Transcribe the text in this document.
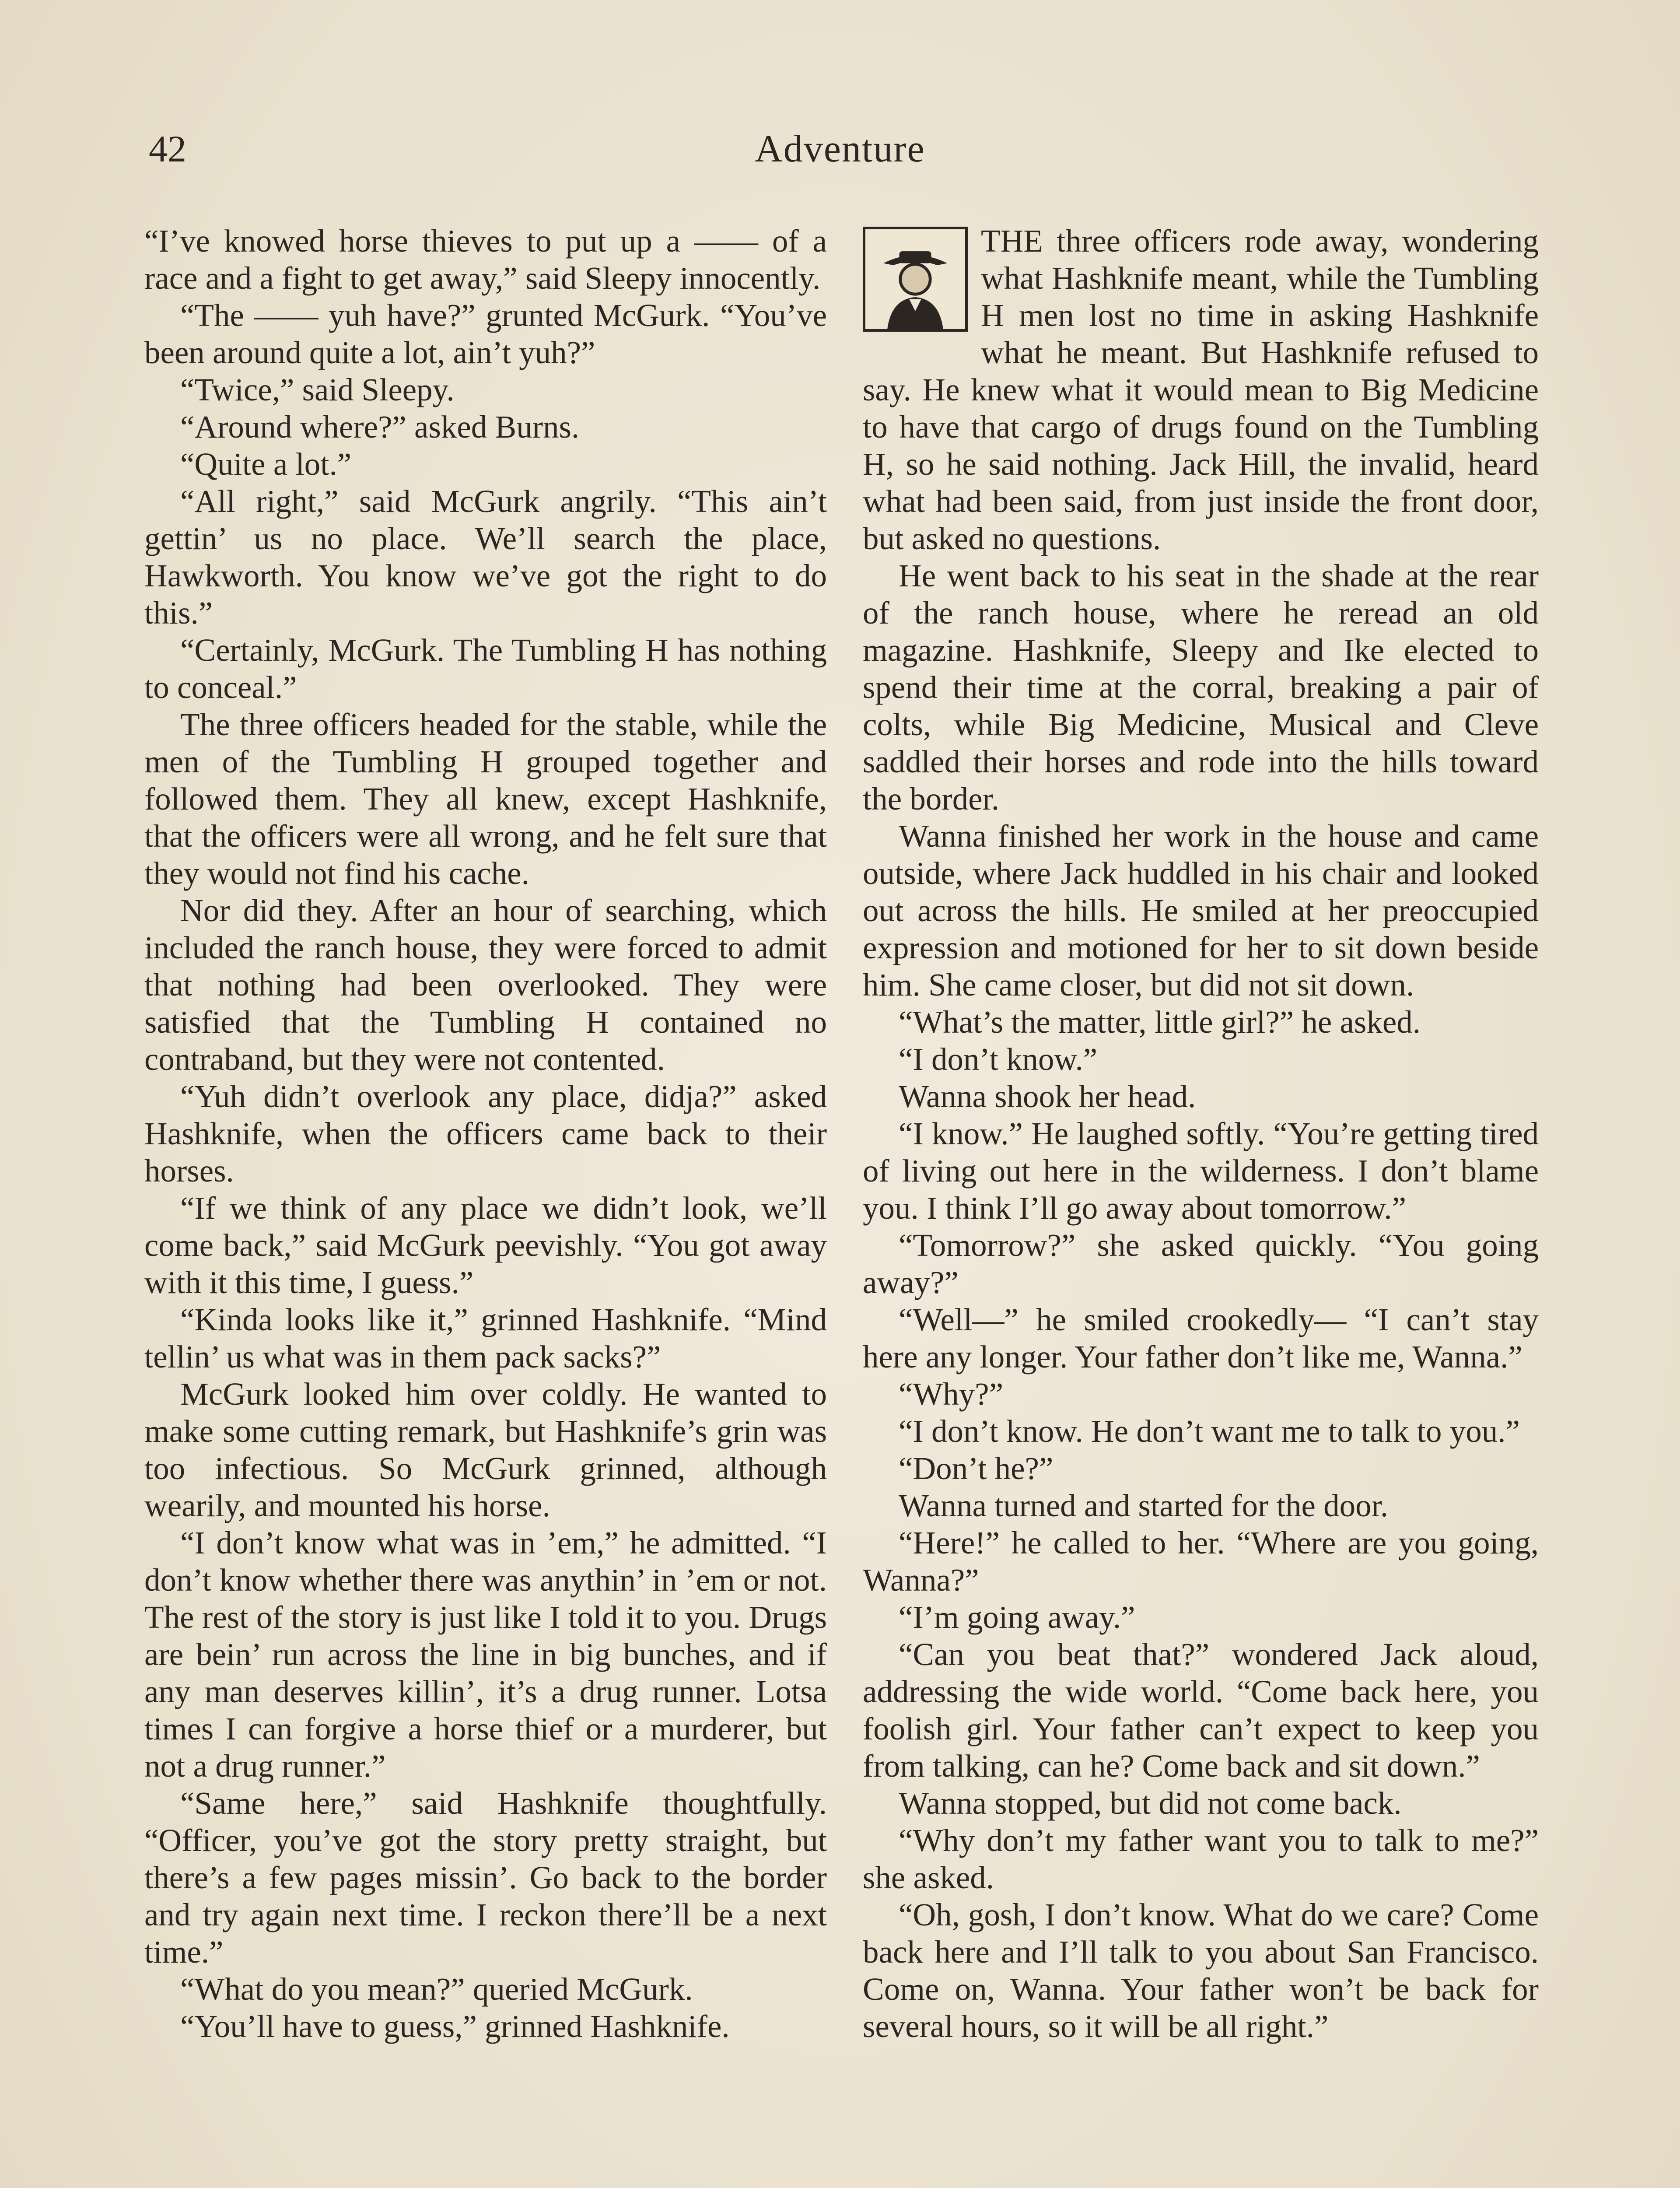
42	Adventure

“I’ve knowed horse thieves to put up a —— of a race and a fight to get away,” said Sleepy innocently.

“The —— yuh have?” grunted McGurk. “You’ve been around quite a lot, ain’t yuh?”

“Twice,” said Sleepy.

“Around where?” asked Burns.

“Quite a lot.”

“All right,” said McGurk angrily. “This ain’t gettin’ us no place. We’ll search the place, Hawkworth. You know we’ve got the right to do this.”

“Certainly, McGurk. The Tumbling H has nothing to conceal.”

The three officers headed for the stable, while the men of the Tumbling H grouped together and followed them. They all knew, except Hashknife, that the officers were all wrong, and he felt sure that they would not find his cache.

Nor did they. After an hour of searching, which included the ranch house, they were forced to admit that nothing had been overlooked. They were satisfied that the Tumbling H contained no contraband, but they were not contented.

“Yuh didn’t overlook any place, didja?” asked Hashknife, when the officers came back to their horses.

“If we think of any place we didn’t look, we’ll come back,” said McGurk peevishly. “You got away with it this time, I guess.”

“Kinda looks like it,” grinned Hashknife. “Mind tellin’ us what was in them pack sacks?”

McGurk looked him over coldly. He wanted to make some cutting remark, but Hashknife’s grin was too infectious. So McGurk grinned, although wearily, and mounted his horse.

“I don’t know what was in ’em,” he admitted. “I don’t know whether there was anythin’ in ’em or not. The rest of the story is just like I told it to you. Drugs are bein’ run across the line in big bunches, and if any man deserves killin’, it’s a drug runner. Lotsa times I can forgive a horse thief or a murderer, but not a drug runner.”

“Same here,” said Hashknife thoughtfully. “Officer, you’ve got the story pretty straight, but there’s a few pages missin’. Go back to the border and try again next time. I reckon there’ll be a next time.”

“What do you mean?” queried McGurk.

“You’ll have to guess,” grinned Hashknife.

THE three officers rode away, wondering what Hashknife meant, while the Tumbling H men lost no time in asking Hashknife what he meant. But Hashknife refused to say. He knew what it would mean to Big Medicine to have that cargo of drugs found on the Tumbling H, so he said nothing. Jack Hill, the invalid, heard what had been said, from just inside the front door, but asked no questions.

He went back to his seat in the shade at the rear of the ranch house, where he reread an old magazine. Hashknife, Sleepy and Ike elected to spend their time at the corral, breaking a pair of colts, while Big Medicine, Musical and Cleve saddled their horses and rode into the hills toward the border.

Wanna finished her work in the house and came outside, where Jack huddled in his chair and looked out across the hills. He smiled at her preoccupied expression and motioned for her to sit down beside him. She came closer, but did not sit down.

“What’s the matter, little girl?” he asked.

“I don’t know.”

Wanna shook her head.

“I know.” He laughed softly. “You’re getting tired of living out here in the wilderness. I don’t blame you. I think I’ll go away about tomorrow.”

“Tomorrow?” she asked quickly. “You going away?”

“Well—” he smiled crookedly— “I can’t stay here any longer. Your father don’t like me, Wanna.”

“Why?”

“I don’t know. He don’t want me to talk to you.”

“Don’t he?”

Wanna turned and started for the door.

“Here!” he called to her. “Where are you going, Wanna?”

“I’m going away.”

“Can you beat that?” wondered Jack aloud, addressing the wide world. “Come back here, you foolish girl. Your father can’t expect to keep you from talking, can he? Come back and sit down.”

Wanna stopped, but did not come back.

“Why don’t my father want you to talk to me?” she asked.

“Oh, gosh, I don’t know. What do we care? Come back here and I’ll talk to you about San Francisco. Come on, Wanna. Your father won’t be back for several hours, so it will be all right.”
